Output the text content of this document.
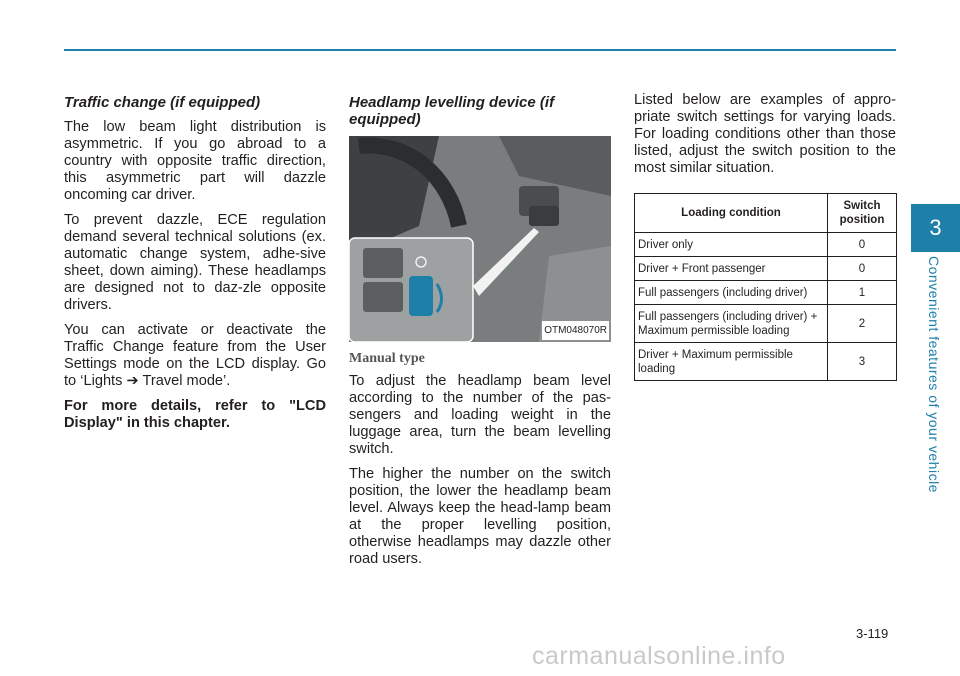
Traffic change (if equipped)

The low beam light distribution is asymmetric. If you go abroad to a country with opposite traffic direction, this asymmetric part will dazzle oncoming car driver.

To prevent dazzle, ECE regulation demand several technical solutions (ex. automatic change system, adhe-sive sheet, down aiming). These headlamps are designed not to daz-zle opposite drivers.

You can activate or deactivate the Traffic Change feature from the User Settings mode on the LCD display. Go to ‘Lights ➔ Travel mode’.

For more details, refer to "LCD Display" in this chapter.

Headlamp levelling device (if equipped)
OTM048070R
Manual type

To adjust the headlamp beam level according to the number of the pas-sengers and loading weight in the luggage area, turn the beam levelling switch.

The higher the number on the switch position, the lower the headlamp beam level. Always keep the head-lamp beam at the proper levelling position, otherwise headlamps may dazzle other road users.

Listed below are examples of appro-priate switch settings for varying loads. For loading conditions other than those listed, adjust the switch position to the most similar situation.

Loading condition	Switch position
Driver only	0
Driver + Front passenger	0
Full passengers (including driver)	1
Full passengers (including driver) + Maximum permissible loading	2
Driver + Maximum permissible loading	3
3
Convenient features of your vehicle
3-119
carmanualsonline.info
